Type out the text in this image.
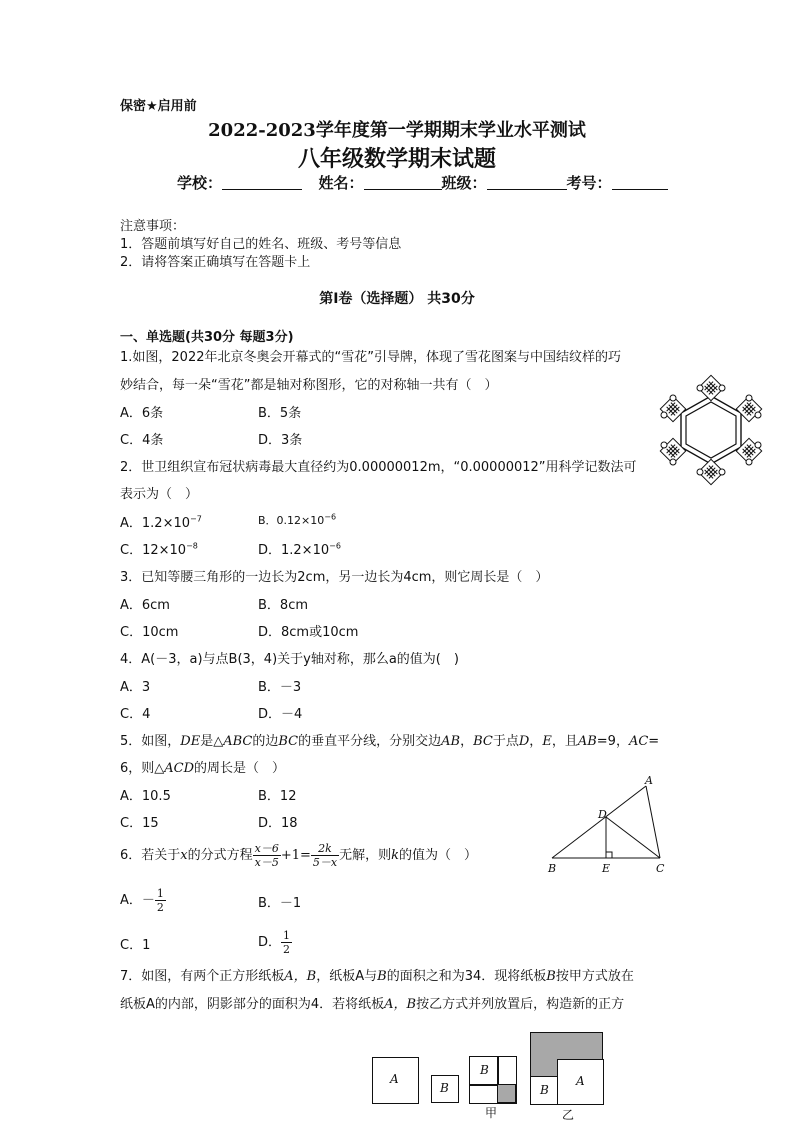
保密★启用前
2022-2023学年度第一学期期末学业水平测试
八年级数学期末试题
学校：	姓名：	班级：	考号：
注意事项：
1．答题前填写好自己的姓名、班级、考号等信息
2．请将答案正确填写在答题卡上
第I卷（选择题） 共30分
一、单选题(共30分 每题3分)
1.如图，2022年北京冬奥会开幕式的“雪花”引导牌，体现了雪花图案与中国结纹样的巧
妙结合，每一朵“雪花”都是轴对称图形，它的对称轴一共有（　）
A．6条	B．5条
C．4条	D．3条
2．世卫组织宣布冠状病毒最大直径约为0.00000012m，“0.00000012”用科学记数法可
表示为（　）
A．$1.2\times 10^{-7}$	B．$0.12\times 10^{-6}$
C．$12\times 10^{-8}$	D．$1.2\times 10^{-6}$
3．已知等腰三角形的一边长为2cm，另一边长为4cm，则它周长是（　）
A．6cm	B．8cm
C．10cm	D．8cm或10cm
4．A(－3，a)与点B(3，4)关于y轴对称，那么a的值为(　)
A．3	B．－3
C．4	D．－4
5．如图，DE是△ABC的边BC的垂直平分线，分别交边AB，BC于点D，E，且AB=9，AC=
6，则△ACD的周长是（　）
A．10.5	B．12
C．15	D．18
A
B	C
D
E
6．若关于x的分式方程 $\frac{x-6}{x-5} +1= \frac{2k}{5-x}$ 无解，则k的值为（　）
A．－ $\frac{1}{2}$	B．－1
C．1	D． $\frac{1}{2}$
7．如图，有两个正方形纸板A，B，纸板A与B的面积之和为34．现将纸板B按甲方式放在
纸板A的内部，阴影部分的面积为4．若将纸板A，B按乙方式并列放置后，构造新的正方
A
B
B
甲
B
A
乙
